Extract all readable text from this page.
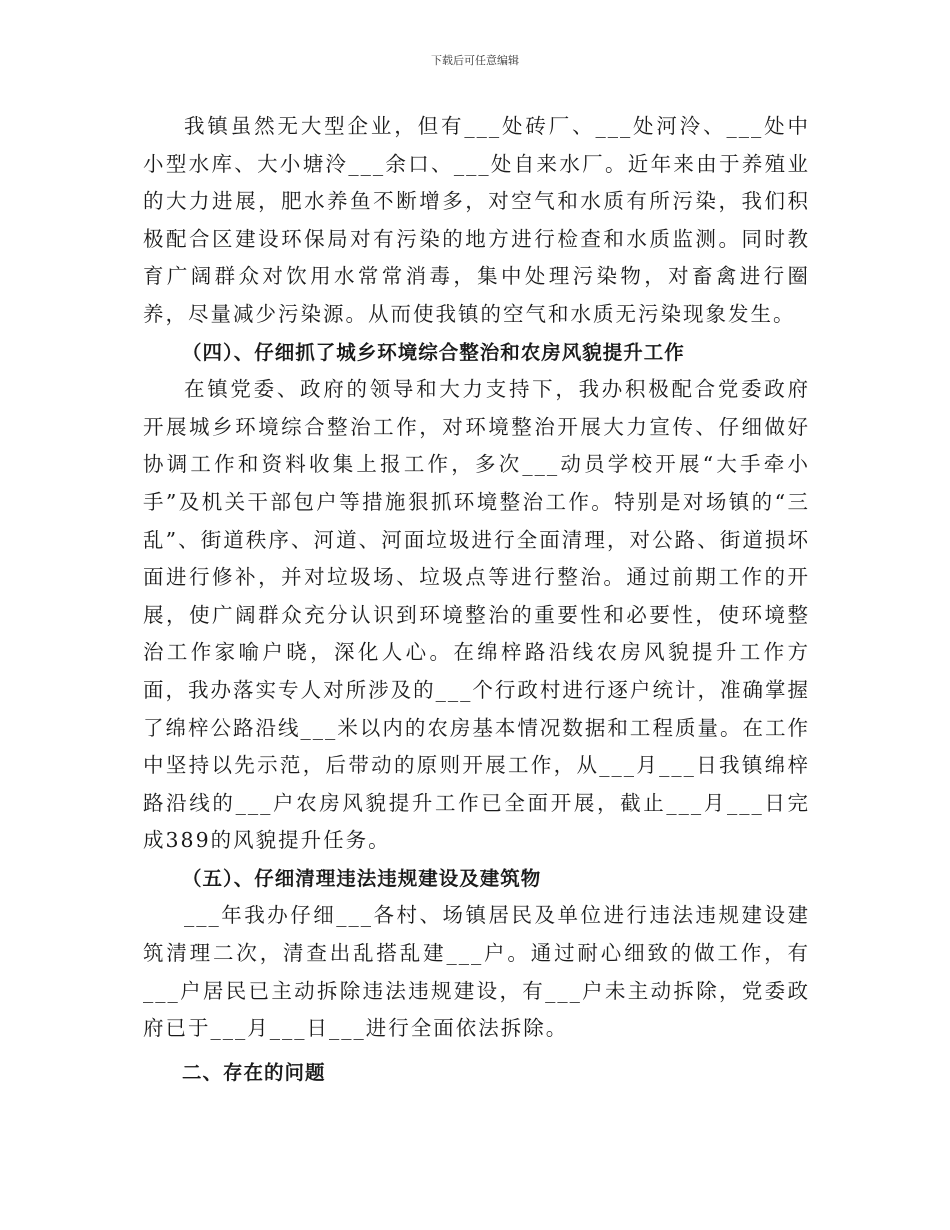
下载后可任意编辑

我镇虽然无大型企业，但有___处砖厂、___处河泠、___处中小型水库、大小塘泠___余口、___处自来水厂。近年来由于养殖业的大力进展，肥水养鱼不断增多，对空气和水质有所污染，我们积极配合区建设环保局对有污染的地方进行检查和水质监测。同时教育广阔群众对饮用水常常消毒，集中处理污染物，对畜禽进行圈养，尽量减少污染源。从而使我镇的空气和水质无污染现象发生。

（四）、仔细抓了城乡环境综合整治和农房风貌提升工作

在镇党委、政府的领导和大力支持下，我办积极配合党委政府开展城乡环境综合整治工作，对环境整治开展大力宣传、仔细做好协调工作和资料收集上报工作，多次___动员学校开展“大手牵小手”及机关干部包户等措施狠抓环境整治工作。特别是对场镇的“三乱”、街道秩序、河道、河面垃圾进行全面清理，对公路、街道损坏面进行修补，并对垃圾场、垃圾点等进行整治。通过前期工作的开展，使广阔群众充分认识到环境整治的重要性和必要性，使环境整治工作家喻户晓，深化人心。在绵梓路沿线农房风貌提升工作方面，我办落实专人对所涉及的___个行政村进行逐户统计，准确掌握了绵梓公路沿线___米以内的农房基本情况数据和工程质量。在工作中坚持以先示范，后带动的原则开展工作，从___月___日我镇绵梓路沿线的___户农房风貌提升工作已全面开展，截止___月___日完成389的风貌提升任务。

（五）、仔细清理违法违规建设及建筑物

___年我办仔细___各村、场镇居民及单位进行违法违规建设建筑清理二次，清查出乱搭乱建___户。通过耐心细致的做工作，有___户居民已主动拆除违法违规建设，有___户未主动拆除，党委政府已于___月___日___进行全面依法拆除。

二、存在的问题
